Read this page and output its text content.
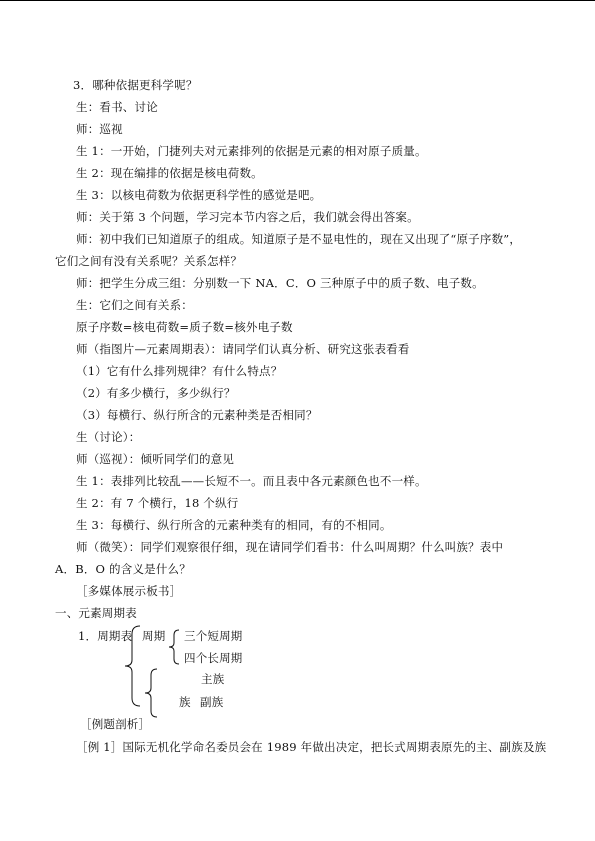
3．哪种依据更科学呢？
生：看书、讨论
师：巡视
生 1：一开始，门捷列夫对元素排列的依据是元素的相对原子质量。
生 2：现在编排的依据是核电荷数。
生 3：以核电荷数为依据更科学性的感觉是吧。
师：关于第 3 个问题，学习完本节内容之后，我们就会得出答案。
师：初中我们已知道原子的组成。知道原子是不显电性的，现在又出现了“原子序数”，
它们之间有没有关系呢？关系怎样？
师：把学生分成三组：分别数一下 NA．C．O 三种原子中的质子数、电子数。
生：它们之间有关系：
原子序数=核电荷数=质子数=核外电子数
师（指图片—元素周期表）：请同学们认真分析、研究这张表看看
（1）它有什么排列规律？有什么特点？
（2）有多少横行，多少纵行？
（3）每横行、纵行所含的元素种类是否相同？
生（讨论）：
师（巡视）：倾听同学们的意见
生 1：表排列比较乱——长短不一。而且表中各元素颜色也不一样。
生 2：有 7 个横行，18 个纵行
生 3：每横行、纵行所含的元素种类有的相同，有的不相同。
师（微笑）：同学们观察很仔细，现在请同学们看书：什么叫周期？什么叫族？表中
A．B．O 的含义是什么？
［多媒体展示板书］
一、元素周期表
1．周期表 周期 三个短周期
四个长周期
主族
族 副族
［例题剖析］
［例 1］国际无机化学命名委员会在 1989 年做出决定，把长式周期表原先的主、副族及族
